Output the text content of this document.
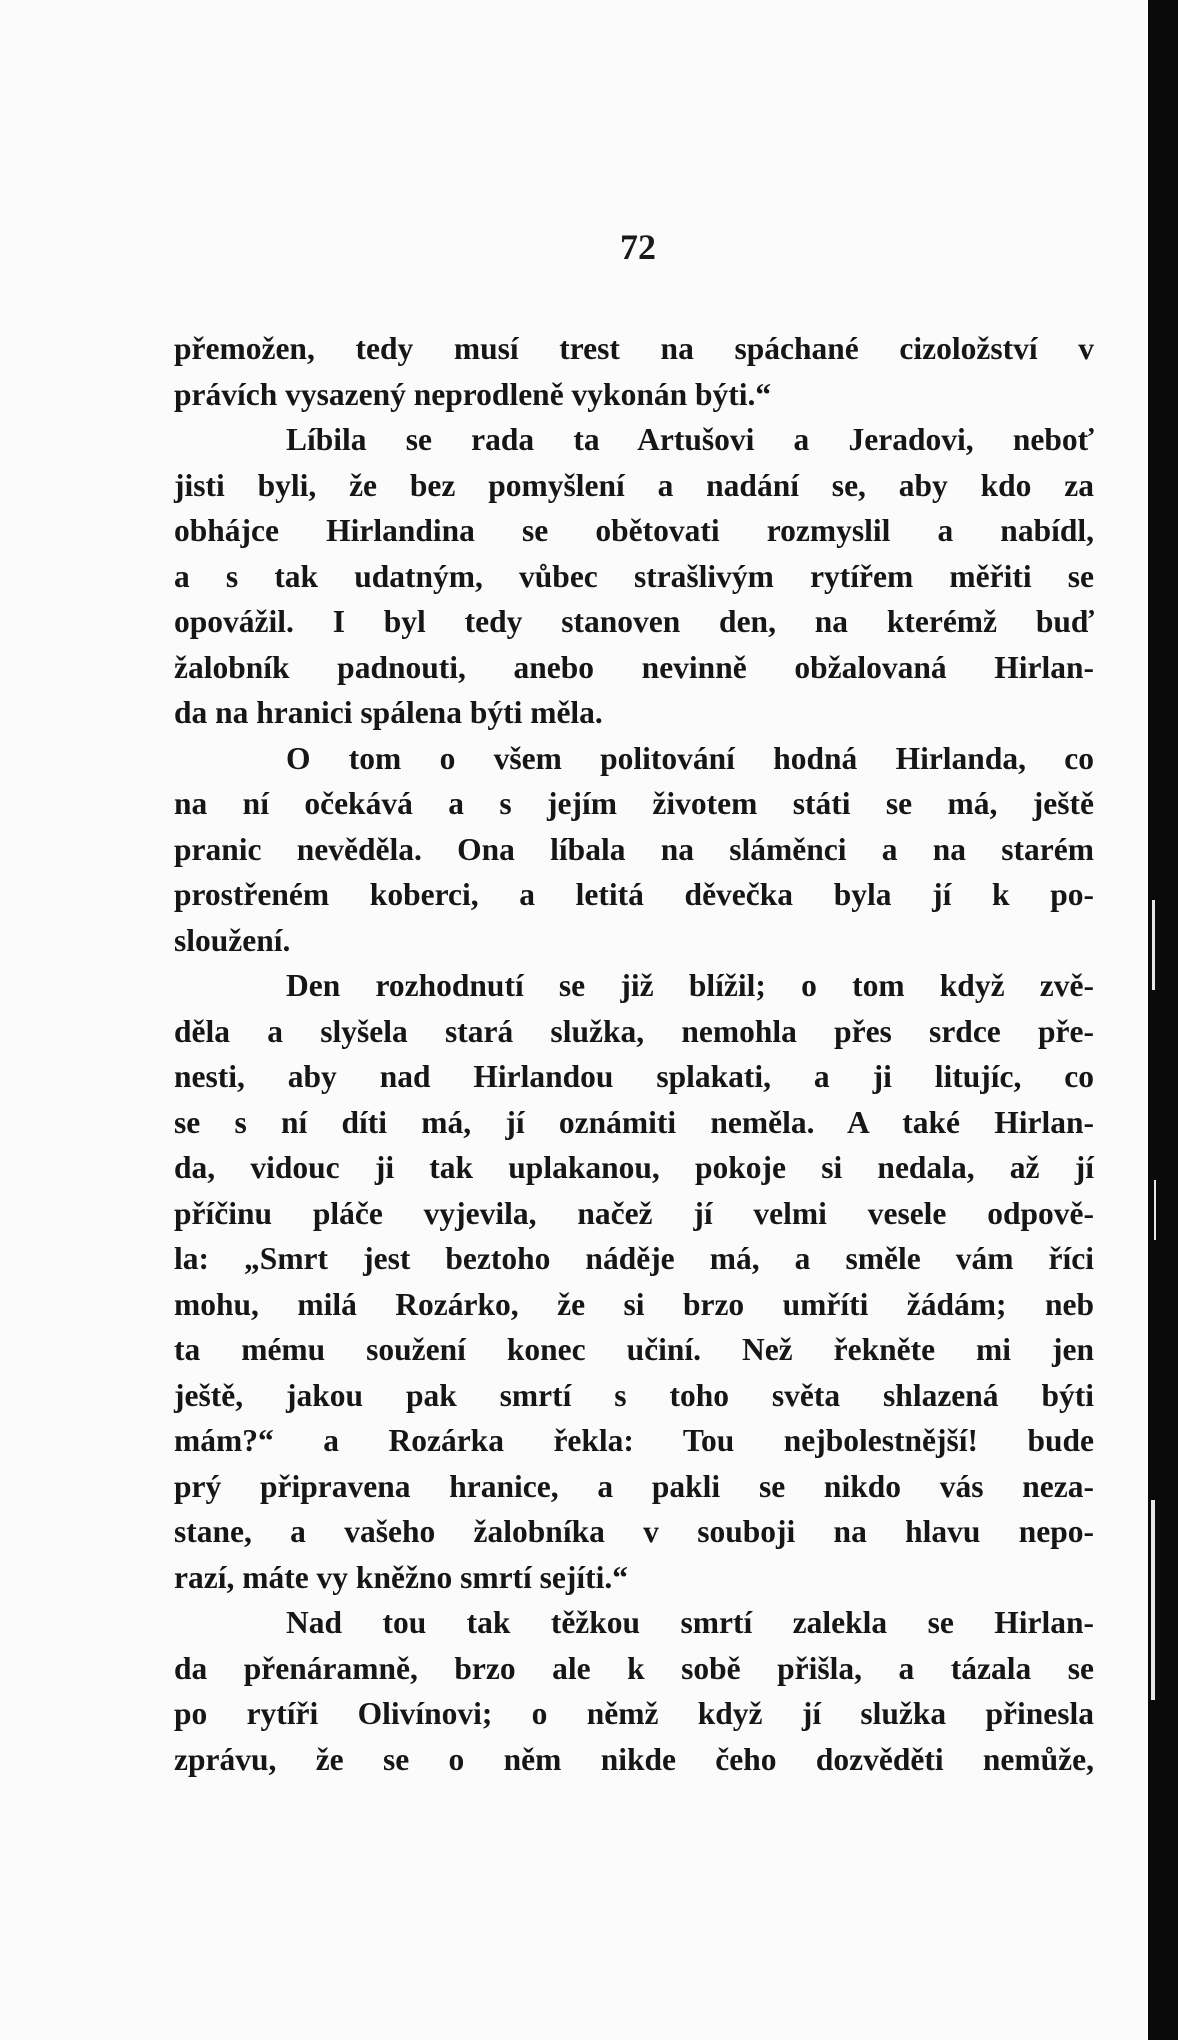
72

přemožen, tedy musí trest na spáchané cizoložství v

právích vysazený neprodleně vykonán býti.“

Líbila se rada ta Artušovi a Jeradovi, neboť

jisti byli, že bez pomyšlení a nadání se, aby kdo za

obhájce Hirlandina se obětovati rozmyslil a nabídl,

a s tak udatným, vůbec strašlivým rytířem měřiti se

opovážil. I byl tedy stanoven den, na kterémž buď

žalobník padnouti, anebo nevinně obžalovaná Hirlan-

da na hranici spálena býti měla.

O tom o všem politování hodná Hirlanda, co

na ní očekává a s jejím životem státi se má, ještě

pranic nevěděla. Ona líbala na sláměnci a na starém

prostřeném koberci, a letitá děvečka byla jí k po-

sloužení.

Den rozhodnutí se již blížil; o tom když zvě-

děla a slyšela stará služka, nemohla přes srdce pře-

nesti, aby nad Hirlandou splakati, a ji litujíc, co

se s ní díti má, jí oznámiti neměla. A také Hirlan-

da, vidouc ji tak uplakanou, pokoje si nedala, až jí

příčinu pláče vyjevila, načež jí velmi vesele odpově-

la: „Smrt jest beztoho náděje má, a směle vám říci

mohu, milá Rozárko, že si brzo umříti žádám; neb

ta mému soužení konec učiní. Než řekněte mi jen

ještě, jakou pak smrtí s toho světa shlazená býti

mám?“ a Rozárka řekla: Tou nejbolestnější! bude

prý připravena hranice, a pakli se nikdo vás neza-

stane, a vašeho žalobníka v souboji na hlavu nepo-

razí, máte vy kněžno smrtí sejíti.“

Nad tou tak těžkou smrtí zalekla se Hirlan-

da přenáramně, brzo ale k sobě přišla, a tázala se

po rytíři Olivínovi; o němž když jí služka přinesla

zprávu, že se o něm nikde čeho dozvěděti nemůže,
